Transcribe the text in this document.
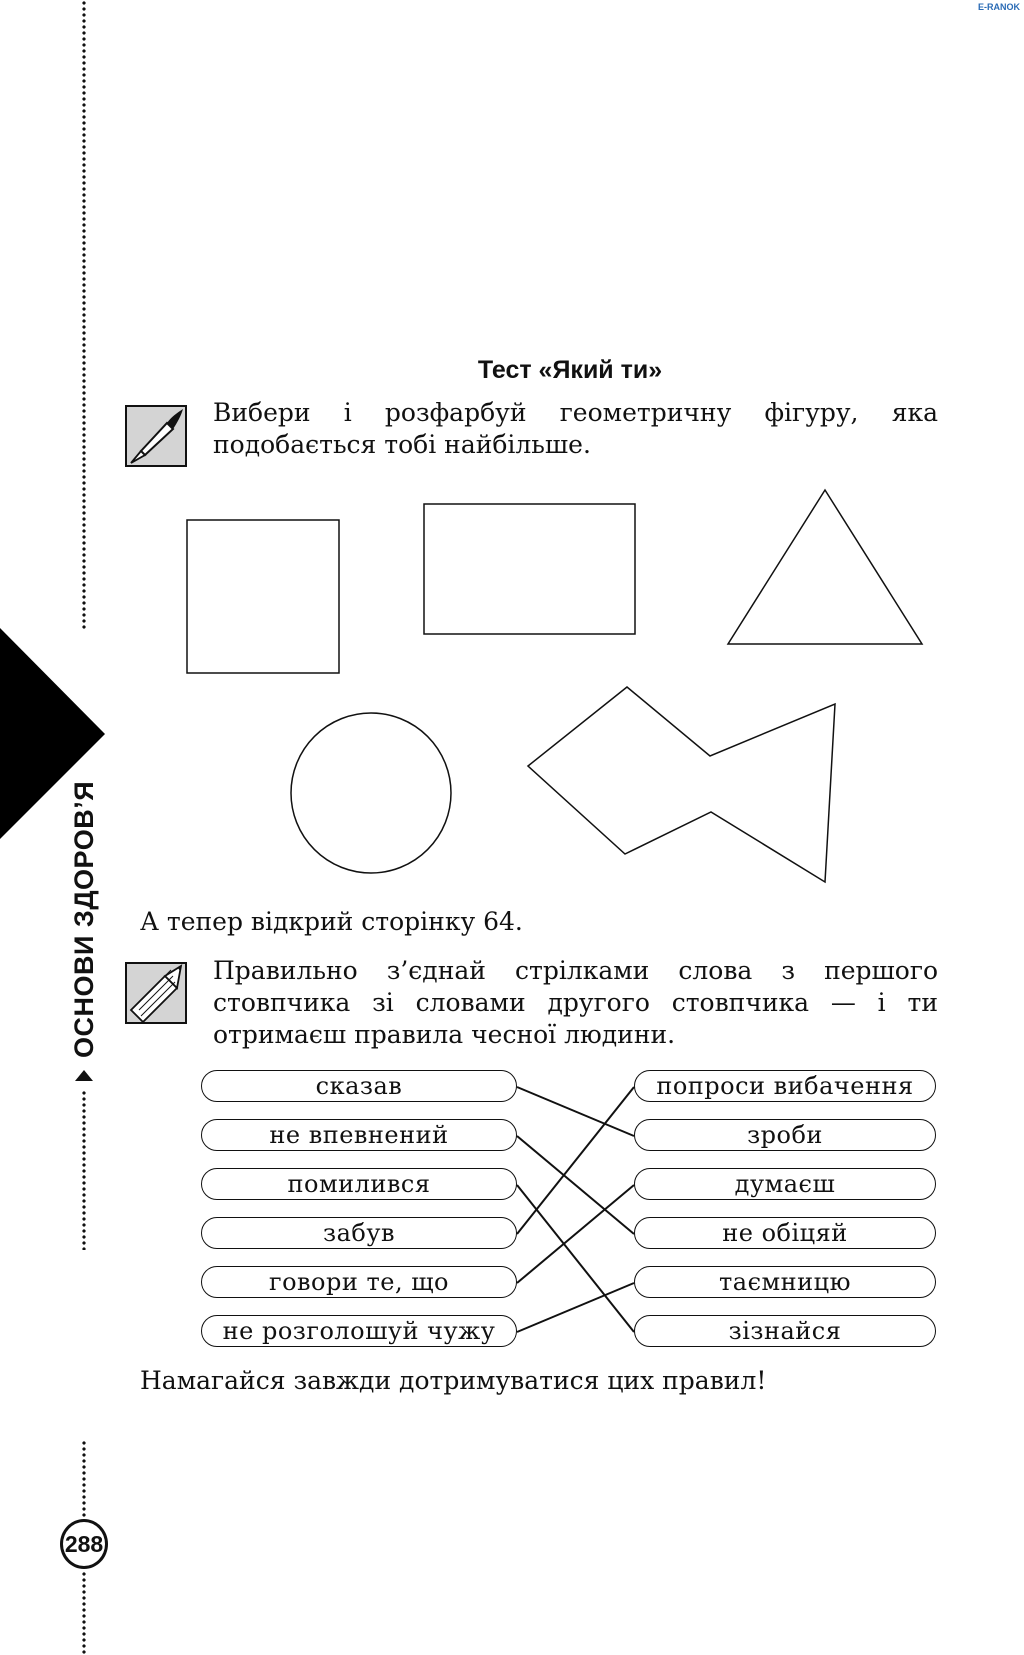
ОСНОВИ ЗДОРОВ’Я
288
E-RANOK
Тест «Який ти»
Вибери і розфарбуй геометричну фігуру, яка подобається тобі найбільше.
А тепер відкрий сторінку 64.
Правильно з’єднай стрілками слова з першого стовпчика зі словами другого стовпчика — і ти отримаєш правила чесної людини.
сказав
не впевнений
помилився
забув
говори те, що
не розголошуй чужу
попроси вибачення
зроби
думаєш
не обіцяй
таємницю
зізнайся
Намагайся завжди дотримуватися цих правил!
